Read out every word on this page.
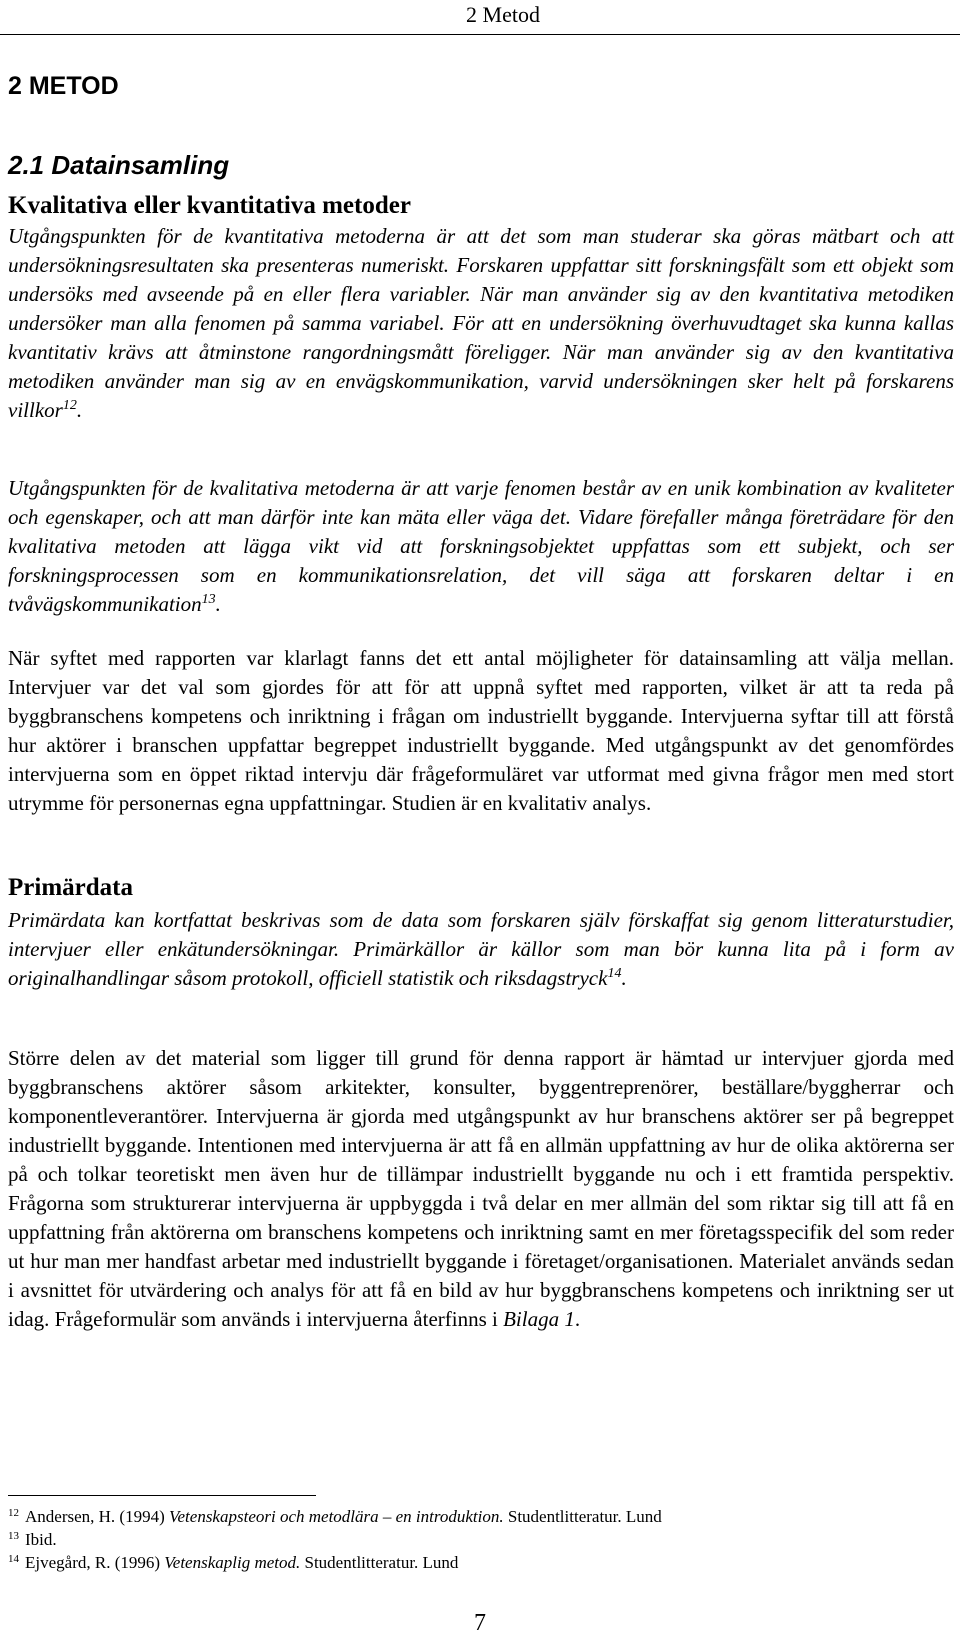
2 Metod
2 METOD
2.1 Datainsamling
Kvalitativa eller kvantitativa metoder

Utgångspunkten för de kvantitativa metoderna är att det som man studerar ska göras mätbart och att undersökningsresultaten ska presenteras numeriskt. Forskaren uppfattar sitt forskningsfält som ett objekt som undersöks med avseende på en eller flera variabler. När man använder sig av den kvantitativa metodiken undersöker man alla fenomen på samma variabel. För att en undersökning överhuvudtaget ska kunna kallas kvantitativ krävs att åtminstone rangordningsmått föreligger. När man använder sig av den kvantitativa metodiken använder man sig av en envägskommunikation, varvid undersökningen sker helt på forskarens villkor$^{12}$.

Utgångspunkten för de kvalitativa metoderna är att varje fenomen består av en unik kombination av kvaliteter och egenskaper, och att man därför inte kan mäta eller väga det. Vidare förefaller många företrädare för den kvalitativa metoden att lägga vikt vid att forskningsobjektet uppfattas som ett subjekt, och ser forskningsprocessen som en kommunikationsrelation, det vill säga att forskaren deltar i en tvåvägskommunikation$^{13}$.

När syftet med rapporten var klarlagt fanns det ett antal möjligheter för datainsamling att välja mellan. Intervjuer var det val som gjordes för att för att uppnå syftet med rapporten, vilket är att ta reda på byggbranschens kompetens och inriktning i frågan om industriellt byggande. Intervjuerna syftar till att förstå hur aktörer i branschen uppfattar begreppet industriellt byggande. Med utgångspunkt av det genomfördes intervjuerna som en öppet riktad intervju där frågeformuläret var utformat med givna frågor men med stort utrymme för personernas egna uppfattningar. Studien är en kvalitativ analys.

Primärdata

Primärdata kan kortfattat beskrivas som de data som forskaren själv förskaffat sig genom litteraturstudier, intervjuer eller enkätundersökningar. Primärkällor är källor som man bör kunna lita på i form av originalhandlingar såsom protokoll, officiell statistik och riksdagstryck$^{14}$.

Större delen av det material som ligger till grund för denna rapport är hämtad ur intervjuer gjorda med byggbranschens aktörer såsom arkitekter, konsulter, byggentreprenörer, beställare/byggherrar och komponentleverantörer. Intervjuerna är gjorda med utgångspunkt av hur branschens aktörer ser på begreppet industriellt byggande. Intentionen med intervjuerna är att få en allmän uppfattning av hur de olika aktörerna ser på och tolkar teoretiskt men även hur de tillämpar industriellt byggande nu och i ett framtida perspektiv. Frågorna som strukturerar intervjuerna är uppbyggda i två delar en mer allmän del som riktar sig till att få en uppfattning från aktörerna om branschens kompetens och inriktning samt en mer företagsspecifik del som reder ut hur man mer handfast arbetar med industriellt byggande i företaget/organisationen. Materialet används sedan i avsnittet för utvärdering och analys för att få en bild av hur byggbranschens kompetens och inriktning ser ut idag. Frågeformulär som används i intervjuerna återfinns i Bilaga 1.

$^{12}$ Andersen, H. (1994) Vetenskapsteori och metodlära – en introduktion. Studentlitteratur. Lund
$^{13}$ Ibid.
$^{14}$ Ejvegård, R. (1996) Vetenskaplig metod. Studentlitteratur. Lund
7
